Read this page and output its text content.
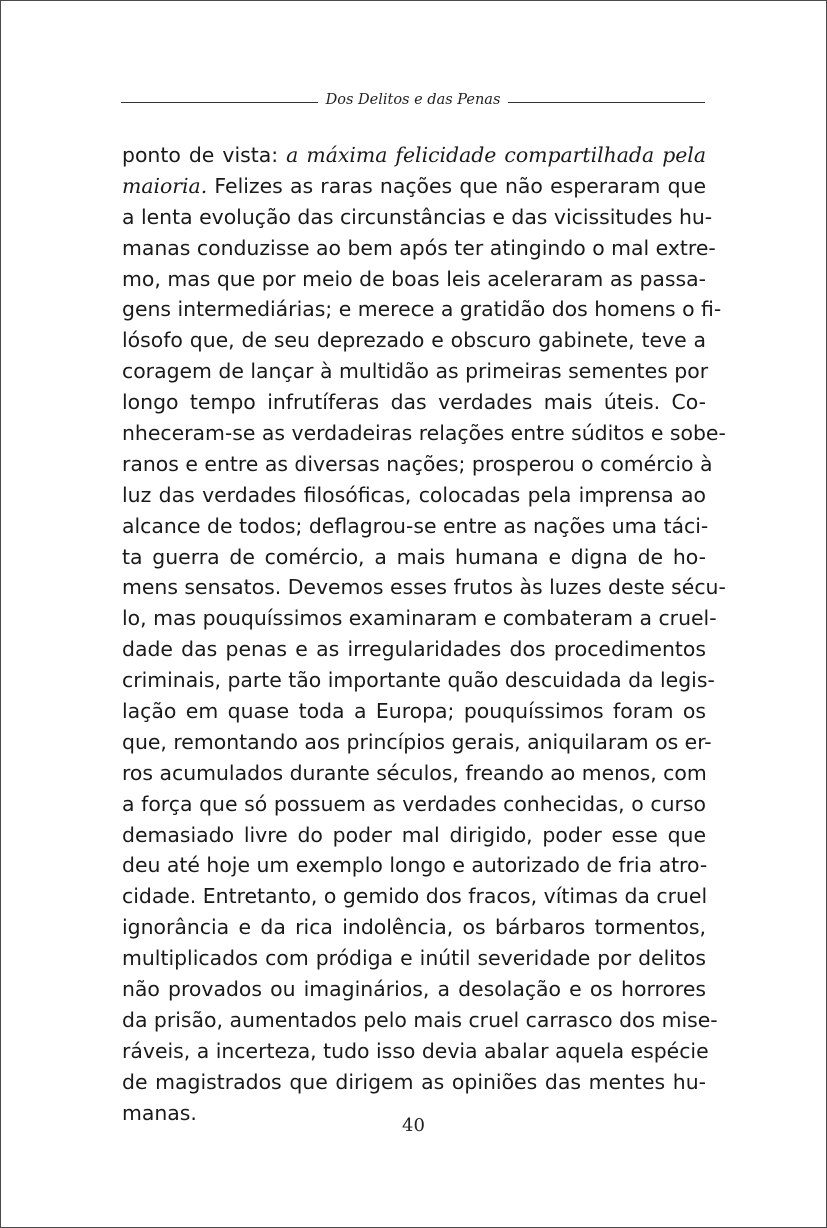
Dos Delitos e das Penas
ponto de vista: a máxima felicidade compartilhada pela
maioria. Felizes as raras nações que não esperaram que
a lenta evolução das circunstâncias e das vicissitudes hu-
manas conduzisse ao bem após ter atingindo o mal extre-
mo, mas que por meio de boas leis aceleraram as passa-
gens intermediárias; e merece a gratidão dos homens o fi-
lósofo que, de seu deprezado e obscuro gabinete, teve a
coragem de lançar à multidão as primeiras sementes por
longo tempo infrutíferas das verdades mais úteis. Co-
nheceram-se as verdadeiras relações entre súditos e sobe-
ranos e entre as diversas nações; prosperou o comércio à
luz das verdades filosóficas, colocadas pela imprensa ao
alcance de todos; deflagrou-se entre as nações uma táci-
ta guerra de comércio, a mais humana e digna de ho-
mens sensatos. Devemos esses frutos às luzes deste sécu-
lo, mas pouquíssimos examinaram e combateram a cruel-
dade das penas e as irregularidades dos procedimentos
criminais, parte tão importante quão descuidada da legis-
lação em quase toda a Europa; pouquíssimos foram os
que, remontando aos princípios gerais, aniquilaram os er-
ros acumulados durante séculos, freando ao menos, com
a força que só possuem as verdades conhecidas, o curso
demasiado livre do poder mal dirigido, poder esse que
deu até hoje um exemplo longo e autorizado de fria atro-
cidade. Entretanto, o gemido dos fracos, vítimas da cruel
ignorância e da rica indolência, os bárbaros tormentos,
multiplicados com pródiga e inútil severidade por delitos
não provados ou imaginários, a desolação e os horrores
da prisão, aumentados pelo mais cruel carrasco dos mise-
ráveis, a incerteza, tudo isso devia abalar aquela espécie
de magistrados que dirigem as opiniões das mentes hu-
manas.
40
